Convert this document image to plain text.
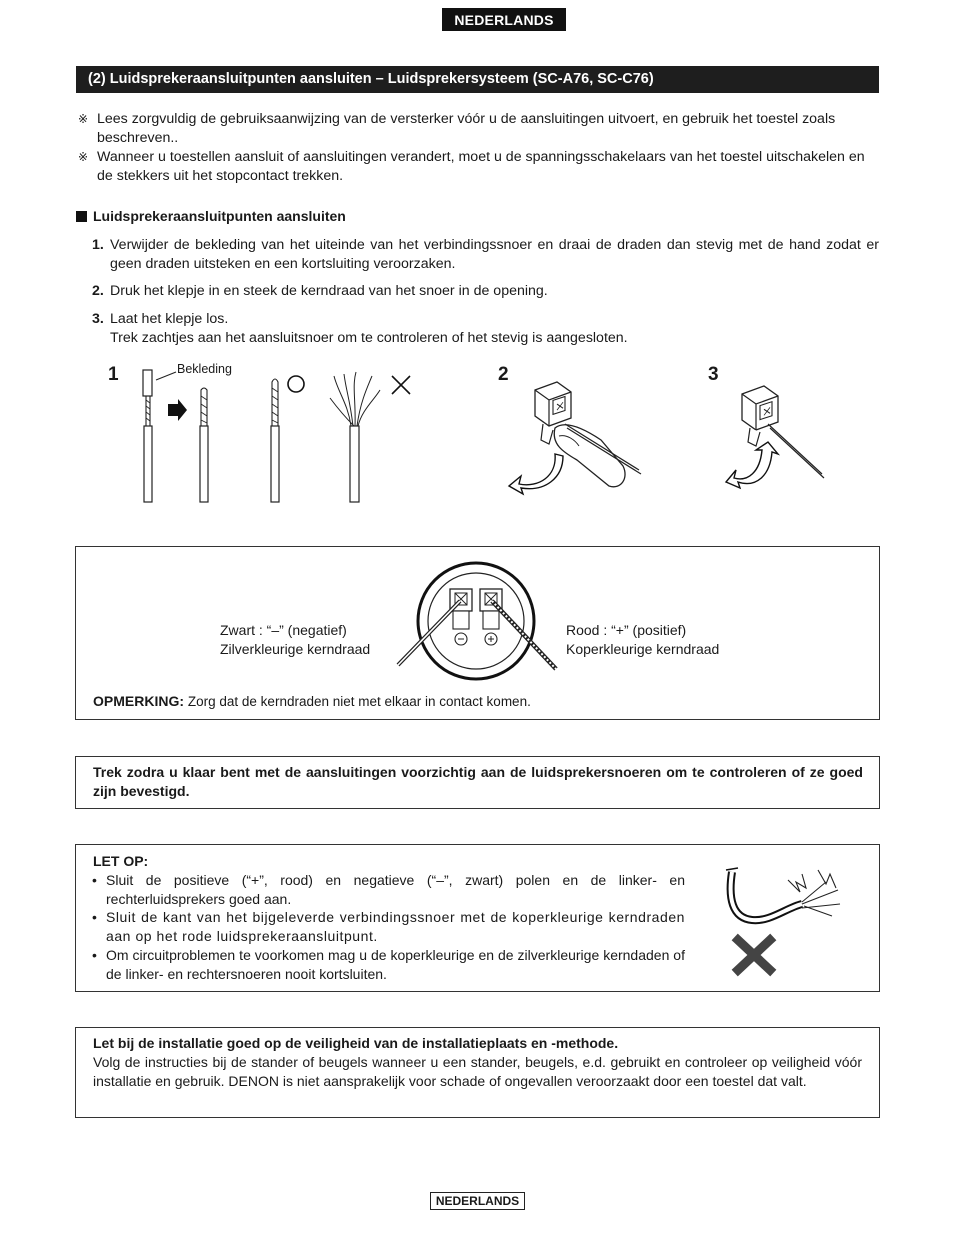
NEDERLANDS
(2) Luidsprekeraansluitpunten aansluiten – Luidsprekersysteem (SC-A76, SC-C76)
※ Lees zorgvuldig de gebruiksaanwijzing van de versterker vóór u de aansluitingen uitvoert, en gebruik het toestel zoals beschreven..
※ Wanneer u toestellen aansluit of aansluitingen verandert, moet u de spanningsschakelaars van het toestel uitschakelen en de stekkers uit het stopcontact trekken.
Luidsprekeraansluitpunten aansluiten
1. Verwijder de bekleding van het uiteinde van het verbindingssnoer en draai de draden dan stevig met de hand zodat er geen draden uitsteken en een kortsluiting veroorzaken.
2. Druk het klepje in en steek de kerndraad van het snoer in de opening.
3. Laat het klepje los.
Trek zachtjes aan het aansluitsnoer om te controleren of het stevig is aangesloten.
1	Bekleding	2	3
Zwart : “–” (negatief)
Zilverkleurige kerndraad
Rood : “+” (positief)
Koperkleurige kerndraad
OPMERKING: Zorg dat de kerndraden niet met elkaar in contact komen.
Trek zodra u klaar bent met de aansluitingen voorzichtig aan de luidsprekersnoeren om te controleren of ze goed zijn bevestigd.
LET OP:
• Sluit de positieve (“+”, rood) en negatieve (“–”, zwart) polen en de linker- en rechterluidsprekers goed aan.
• Sluit de kant van het bijgeleverde verbindingssnoer met de koperkleurige kerndraden aan op het rode luidsprekeraansluitpunt.
• Om circuitproblemen te voorkomen mag u de koperkleurige en de zilverkleurige kerndaden of de linker- en rechtersnoeren nooit kortsluiten.
Let bij de installatie goed op de veiligheid van de installatieplaats en -methode.
Volg de instructies bij de stander of beugels wanneer u een stander, beugels, e.d. gebruikt en controleer op veiligheid vóór installatie en gebruik. DENON is niet aansprakelijk voor schade of ongevallen veroorzaakt door een toestel dat valt.
NEDERLANDS
